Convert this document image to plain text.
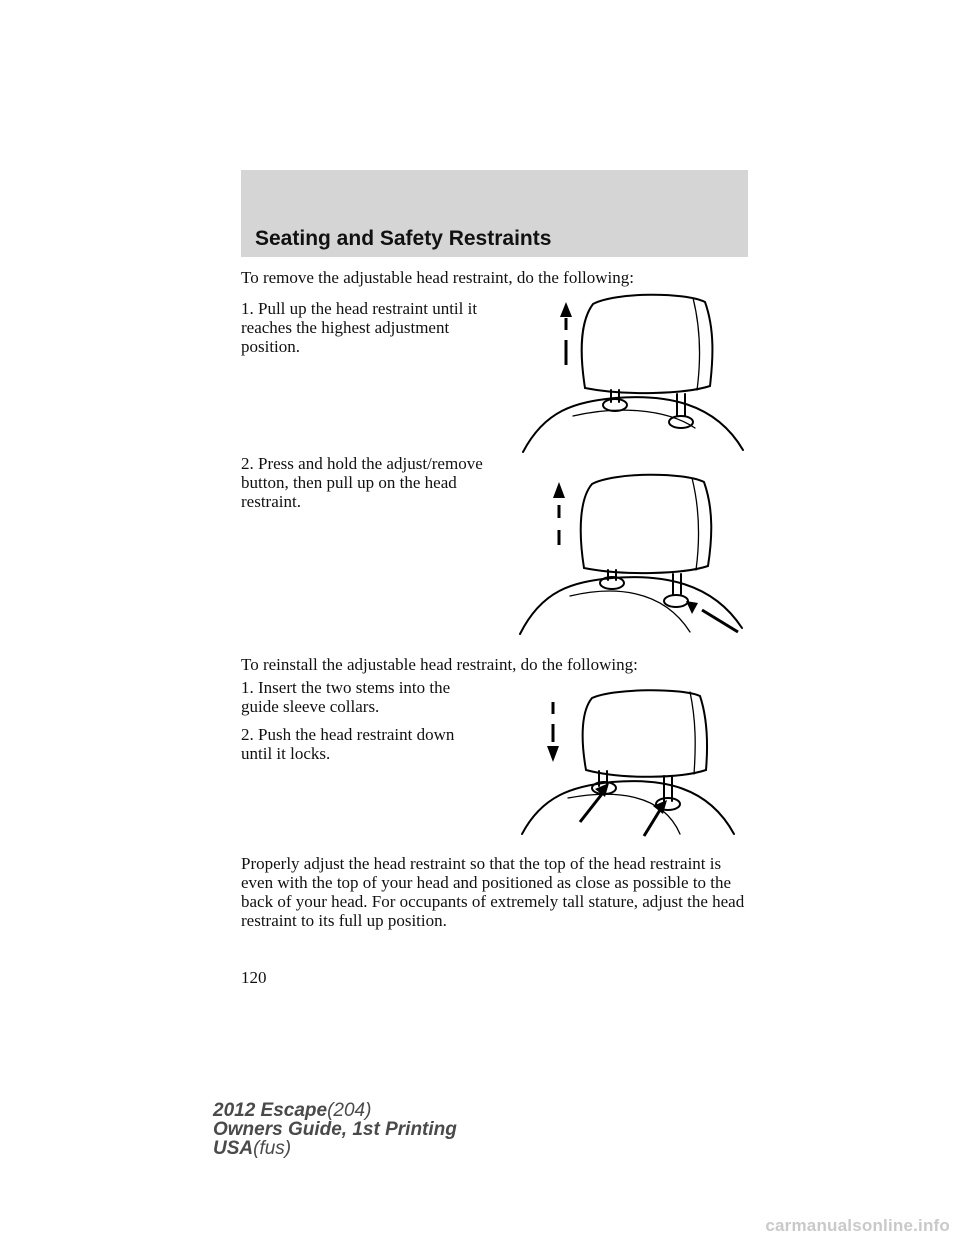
Seating and Safety Restraints
To remove the adjustable head restraint, do the following:
1. Pull up the head restraint until it reaches the highest adjustment position.
2. Press and hold the adjust/remove button, then pull up on the head restraint.
To reinstall the adjustable head restraint, do the following:
1. Insert the two stems into the guide sleeve collars.
2. Push the head restraint down until it locks.
Properly adjust the head restraint so that the top of the head restraint is even with the top of your head and positioned as close as possible to the back of your head. For occupants of extremely tall stature, adjust the head restraint to its full up position.
120
2012 Escape(204)
Owners Guide, 1st Printing
USA(fus)
carmanualsonline.info
